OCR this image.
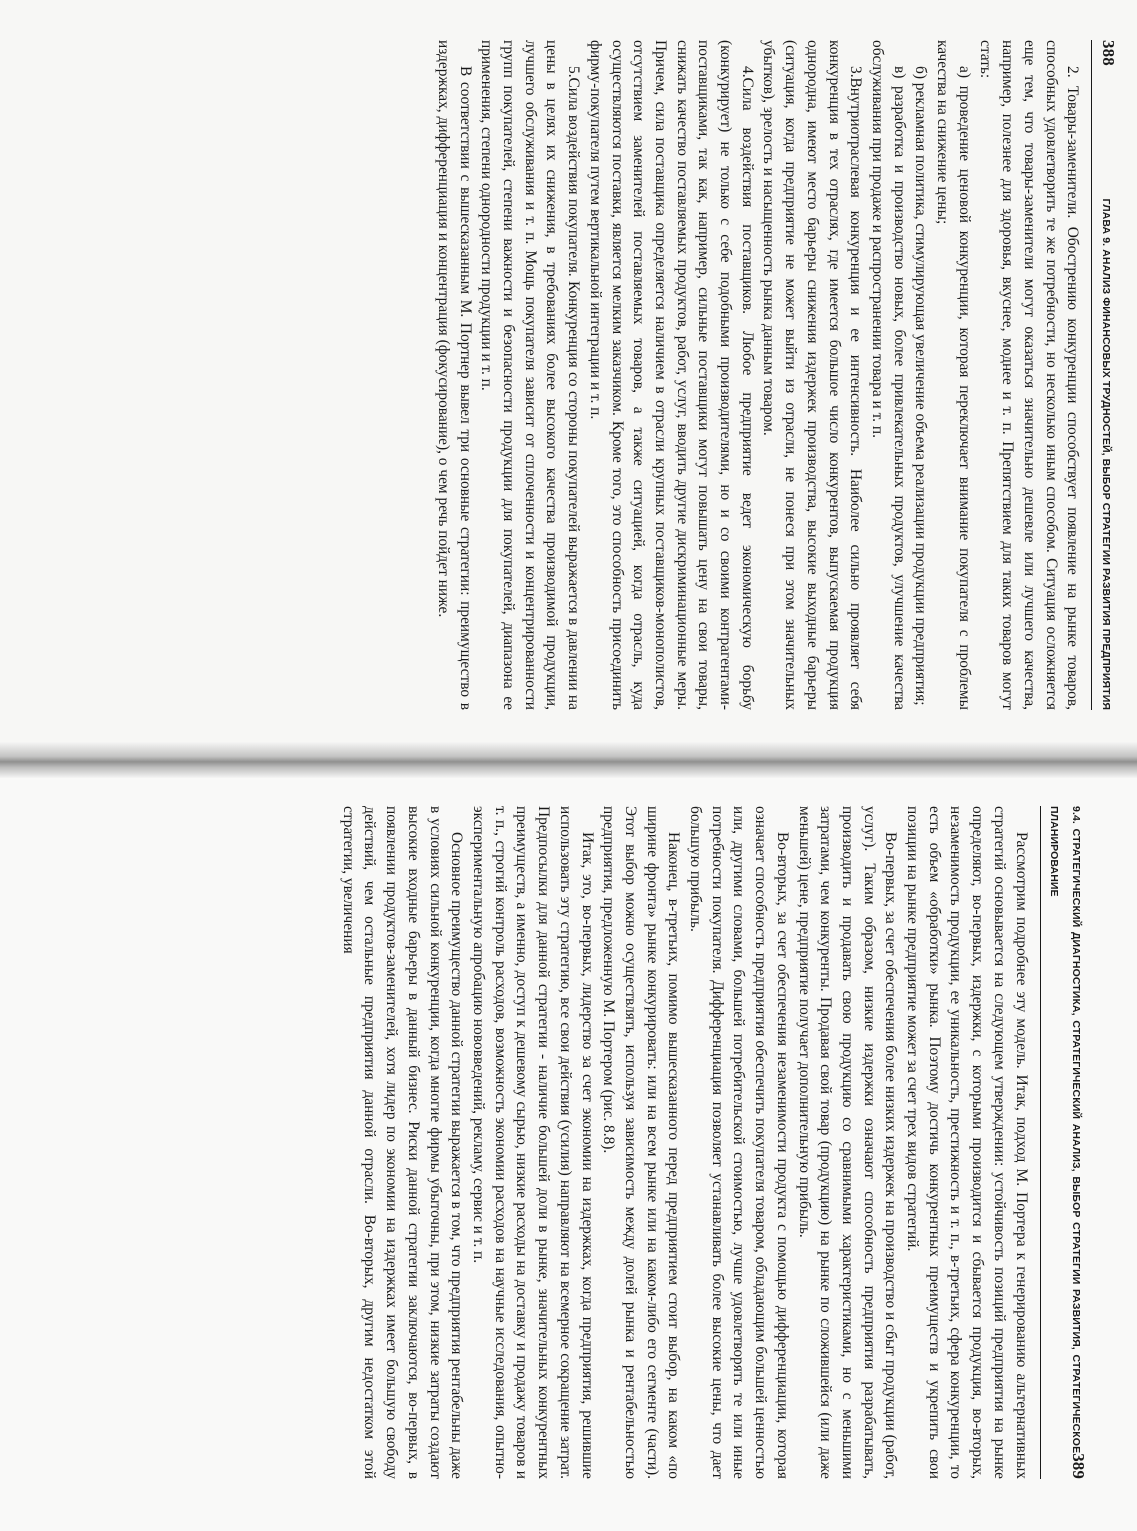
388
ГЛАВА 9. АНАЛИЗ ФИНАНСОВЫХ ТРУДНОСТЕЙ, ВЫБОР СТРАТЕГИИ РАЗВИТИЯ ПРЕДПРИЯТИЯ

2. Товары-заменители. Обострению конкуренции способствует появление на рынке товаров, способных удовлетворить те же потребности, но несколько иным способом. Ситуация осложняется еще тем, что товары-заменители могут оказаться значительно дешевле или лучшего качества, например, полезнее для здоровья, вкуснее, моднее и т. п. Препятствием для таких товаров могут стать:

а) проведение ценовой конкуренции, которая переключает внимание покупателя с проблемы качества на снижение цены;

б) рекламная политика, стимулирующая увеличение объема реализации продукции предприятия;

в) разработка и производство новых, более привлекательных продуктов, улучшение качества обслуживания при продаже и распространении товара и т. п.

3.Внутриотраслевая конкуренция и ее интенсивность. Наиболее сильно проявляет себя конкуренция в тех отраслях, где имеется большое число конкурентов, выпускаемая продукция однородна, имеют место барьеры снижения издержек производства, высокие выходные барьеры (ситуация, когда предприятие не может выйти из отрасли, не понеся при этом значительных убытков), зрелость и насыщенность рынка данным товаром.

4.Сила воздействия поставщиков. Любое предприятие ведет экономическую борьбу (конкурирует) не только с себе подобными производителями, но и со своими контрагентами-поставщиками, так как, например, сильные поставщики могут повышать цену на свои товары, снижать качество поставляемых продуктов, работ, услуг, вводить другие дискриминационные меры. Причем, сила поставщика определяется наличием в отрасли крупных поставщиков-монополистов, отсутствием заменителей поставляемых товаров, а также ситуацией, когда отрасль, куда осуществляются поставки, является мелким заказчиком. Кроме того, это способность присоединить фирму-покупателя путем вертикальной интеграции и т. п.

5.Сила воздействия покупателя. Конкуренция со стороны покупателей выражается в давлении на цены в целях их снижения, в требованиях более высокого качества производимой продукции, лучшего обслуживания и т. п. Мощь покупателя зависит от сплоченности и концентрированности групп покупателей, степени важности и безопасности продукции для покупателей, диапазона ее применения, степени однородности продукции и т. п.

В соответствии с вышесказанным М. Портнер вывел три основные стратегии: преимущество в издержках, дифференциация и концентрация (фокусирование), о чем речь пойдет ниже.

9.4. СТРАТЕГИЧЕСКИЙ ДИАГНОСТИКА, СТРАТЕГИЧЕСКИЙ АНАЛИЗ, ВЫБОР СТРАТЕГИИ РАЗВИТИЯ, СТРАТЕГИЧЕСКОЕ ПЛАНИРОВАНИЕ
389

Рассмотрим подробнее эту модель. Итак, подход М. Портера к генерированию альтернативных стратегий основывается на следующем утверждении: устойчивость позиций предприятия на рынке определяют, во-первых, издержки, с которыми производится и сбывается продукция, во-вторых, незаменимость продукции, ее уникальность, престижность и т. п., в-третьих, сфера конкуренции, то есть объем «обработки» рынка. Поэтому достичь конкурентных преимуществ и укрепить свои позиции на рынке предприятие может за счет трех видов стратегий.

Во-первых, за счет обеспечения более низких издержек на производство и сбыт продукции (работ, услуг). Таким образом, низкие издержки означают способность предприятия разрабатывать, производить и продавать свою продукцию со сравнимыми характеристиками, но с меньшими затратами, чем конкуренты. Продавая свой товар (продукцию) на рынке по сложившейся (или даже меньшей) цене, предприятие получает дополнительную прибыль.

Во-вторых, за счет обеспечения незаменимости продукта с помощью дифференциации, которая означает способность предприятия обеспечить покупателя товаром, обладающим большей ценностью или, другими словами, большей потребительской стоимостью, лучше удовлетворять те или иные потребности покупателя. Дифференциация позволяет устанавливать более высокие цены, что дает большую прибыль.

Наконец, в-третьих, помимо вышесказанного перед предприятием стоит выбор, на каком «по ширине фронта» рынке конкурировать: или на всем рынке или на каком-либо его сегменте (части). Этот выбор можно осуществлять, используя зависимость между долей рынка и рентабельностью предприятия, предложенную М. Портером (рис. 8.8).

Итак, это, во-первых, лидерство за счет экономии на издержках, когда предприятия, решившие использовать эту стратегию, все свои действия (усилия) направляют на всемерное сокращение затрат. Предпосылки для данной стратегии - наличие большей доли в рынке, значительных конкурентных преимуществ, а именно, доступ к дешевому сырью, низкие расходы на доставку и продажу товаров и т. п., строгий контроль расходов, возможность экономии расходов на научные исследования, опытно-экспериментальную апробацию нововведений, рекламу, сервис и т. п.

Основное преимущество данной стратегии выражается в том, что предприятия рентабельны даже в условиях сильной конкуренции, когда многие фирмы убыточны, при этом, низкие затраты создают высокие входные барьеры в данный бизнес. Риски данной стратегии заключаются, во-первых, в появлении продуктов-заменителей, хотя лидер по экономии на издержках имеет большую свободу действий, чем остальные предприятия данной отрасли. Во-вторых, другим недостатком этой стратегии, увеличения
